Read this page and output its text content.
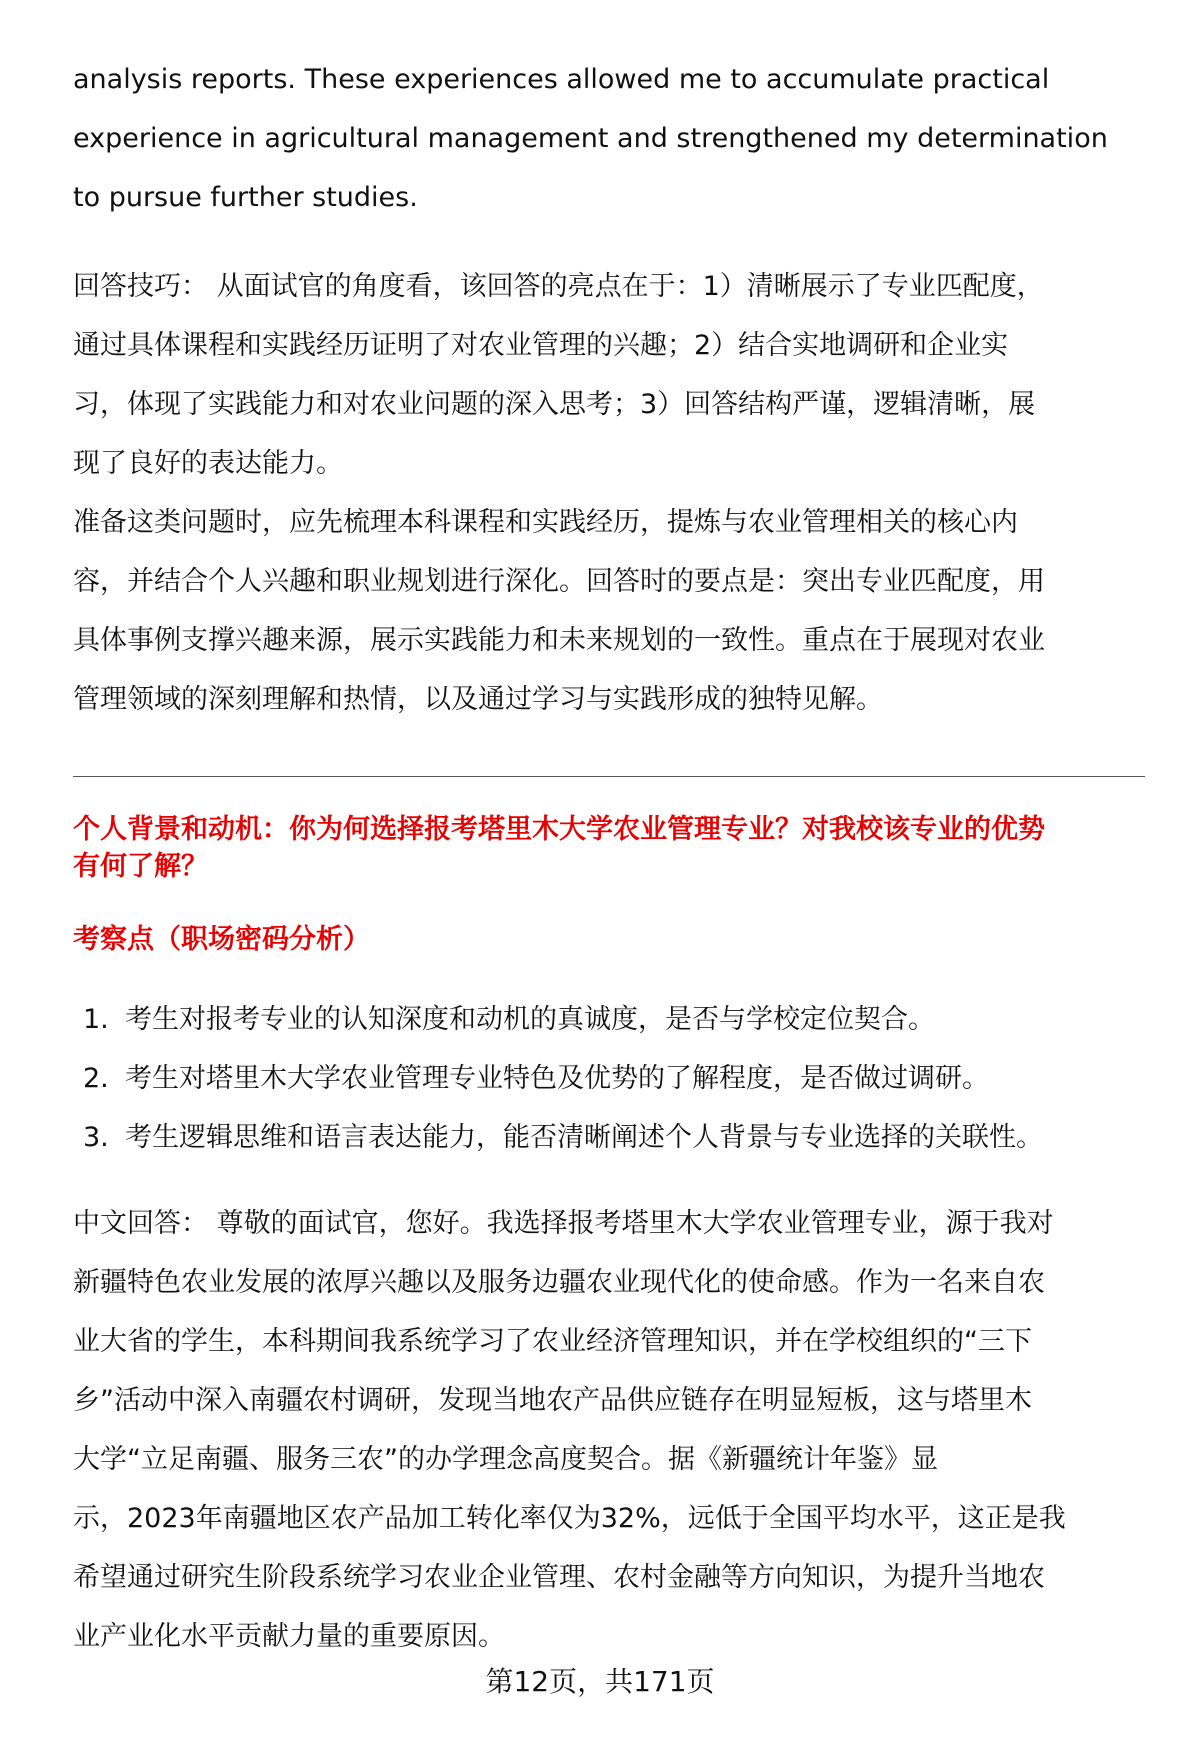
analysis reports. These experiences allowed me to accumulate practical
experience in agricultural management and strengthened my determination
to pursue further studies.
回答技巧： 从面试官的角度看，该回答的亮点在于：1）清晰展示了专业匹配度，
通过具体课程和实践经历证明了对农业管理的兴趣；2）结合实地调研和企业实
习，体现了实践能力和对农业问题的深入思考；3）回答结构严谨，逻辑清晰，展
现了良好的表达能力。
准备这类问题时，应先梳理本科课程和实践经历，提炼与农业管理相关的核心内
容，并结合个人兴趣和职业规划进行深化。回答时的要点是：突出专业匹配度，用
具体事例支撑兴趣来源，展示实践能力和未来规划的一致性。重点在于展现对农业
管理领域的深刻理解和热情，以及通过学习与实践形成的独特见解。
个人背景和动机：你为何选择报考塔里木大学农业管理专业？对我校该专业的优势
有何了解？
考察点（职场密码分析）
1. 考生对报考专业的认知深度和动机的真诚度，是否与学校定位契合。
2. 考生对塔里木大学农业管理专业特色及优势的了解程度，是否做过调研。
3. 考生逻辑思维和语言表达能力，能否清晰阐述个人背景与专业选择的关联性。
中文回答： 尊敬的面试官，您好。我选择报考塔里木大学农业管理专业，源于我对
新疆特色农业发展的浓厚兴趣以及服务边疆农业现代化的使命感。作为一名来自农
业大省的学生，本科期间我系统学习了农业经济管理知识，并在学校组织的“三下
乡”活动中深入南疆农村调研，发现当地农产品供应链存在明显短板，这与塔里木
大学“立足南疆、服务三农”的办学理念高度契合。据《新疆统计年鉴》显
示，2023年南疆地区农产品加工转化率仅为32%，远低于全国平均水平，这正是我
希望通过研究生阶段系统学习农业企业管理、农村金融等方向知识，为提升当地农
业产业化水平贡献力量的重要原因。
第12页，共171页
